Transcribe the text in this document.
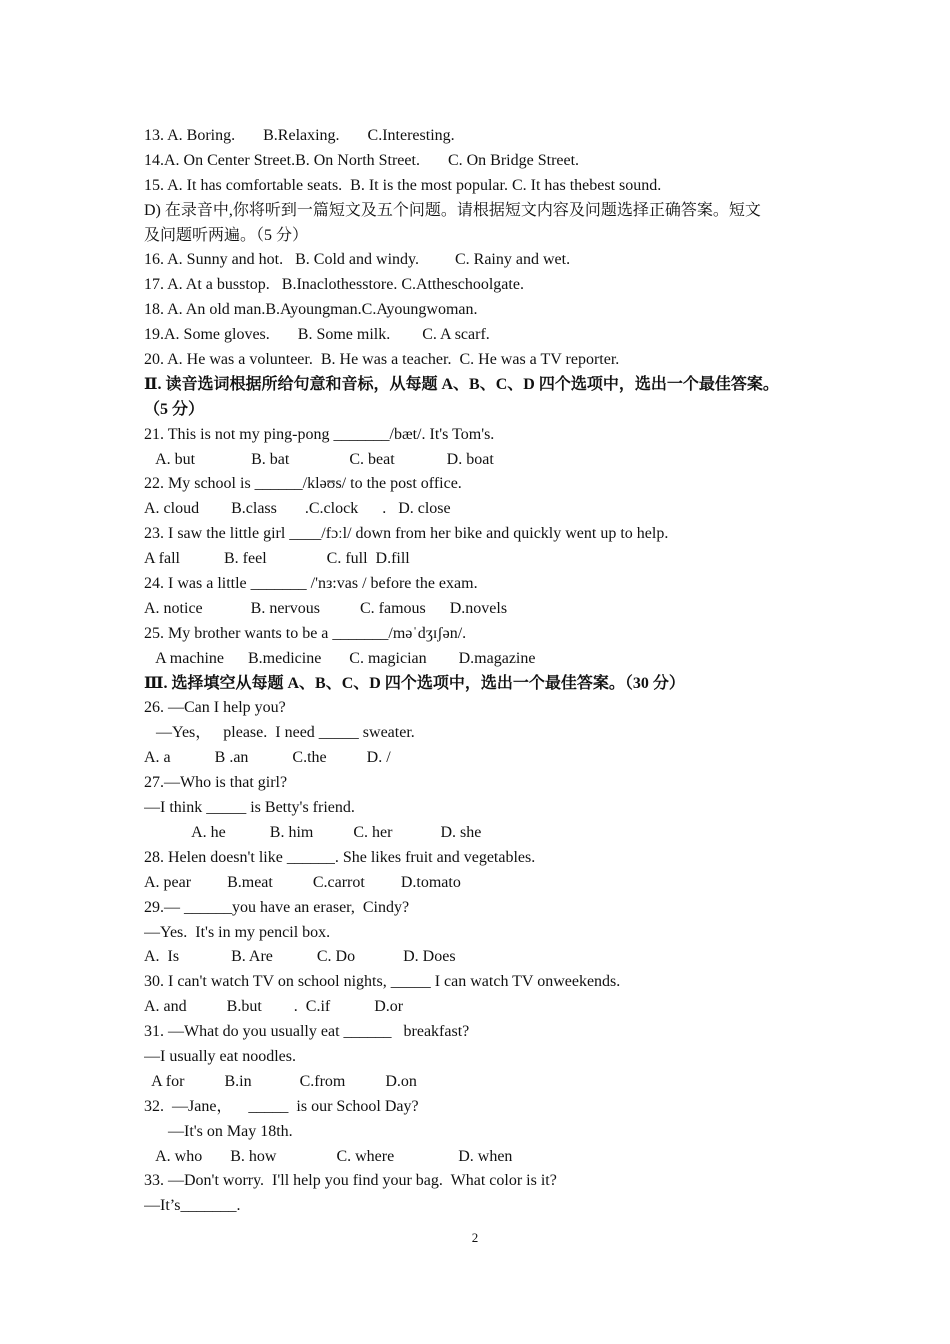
13. A. Boring.       B.Relaxing.       C.Interesting.
14.A. On Center Street.B. On North Street.       C. On Bridge Street.
15. A. It has comfortable seats.  B. It is the most popular. C. It has thebest sound.
D) 在录音中,你将听到一篇短文及五个问题。请根据短文内容及问题选择正确答案。短文
及问题听两遍。（5 分）
16. A. Sunny and hot.   B. Cold and windy.         C. Rainy and wet.
17. A. At a busstop.   B.Inaclothesstore. C.Attheschoolgate.
18. A. An old man.B.Ayoungman.C.Ayoungwoman.
19.A. Some gloves.       B. Some milk.        C. A scarf.
20. A. He was a volunteer.  B. He was a teacher.  C. He was a TV reporter.
Ⅱ. 读音选词根据所给句意和音标，从每题 A、B、C、D 四个选项中，选出一个最佳答案。
（5 分）
21. This is not my ping-pong _______/bæt/. It's Tom's.
A. but              B. bat               C. beat             D. boat
22. My school is ______/kləʊs/ to the post office.
A. cloud        B.class       .C.clock      .   D. close
23. I saw the little girl ____/fɔːl/ down from her bike and quickly went up to help.
A fall           B. feel               C. full  D.fill
24. I was a little _______ /'nз:vas / before the exam.
A. notice            B. nervous          C. famous      D.novels
25. My brother wants to be a _______/məˈdʒɪʃən/.
A machine      B.medicine       C. magician        D.magazine
Ⅲ. 选择填空从每题 A、B、C、D 四个选项中，选出一个最佳答案。（30 分）
26. —Can I help you?
—Yes，   please.  I need _____ sweater.
A. a           B .an           C.the          D. /
27.—Who is that girl?
—I think _____ is Betty's friend.
A. he           B. him          C. her            D. she
28. Helen doesn't like ______. She likes fruit and vegetables.
A. pear         B.meat          C.carrot         D.tomato
29.— ______you have an eraser,  Cindy?
—Yes.  It's in my pencil box.
A.  Is             B. Are           C. Do            D. Does
30. I can't watch TV on school nights, _____ I can watch TV onweekends.
A. and          B.but        .  C.if           D.or
31. —What do you usually eat ______   breakfast?
—I usually eat noodles.
A for          B.in            C.from          D.on
32.  —Jane，    _____  is our School Day?
—It's on May 18th.
A. who       B. how               C. where                D. when
33. —Don't worry.  I'll help you find your bag.  What color is it?
—It’s_______.
2
